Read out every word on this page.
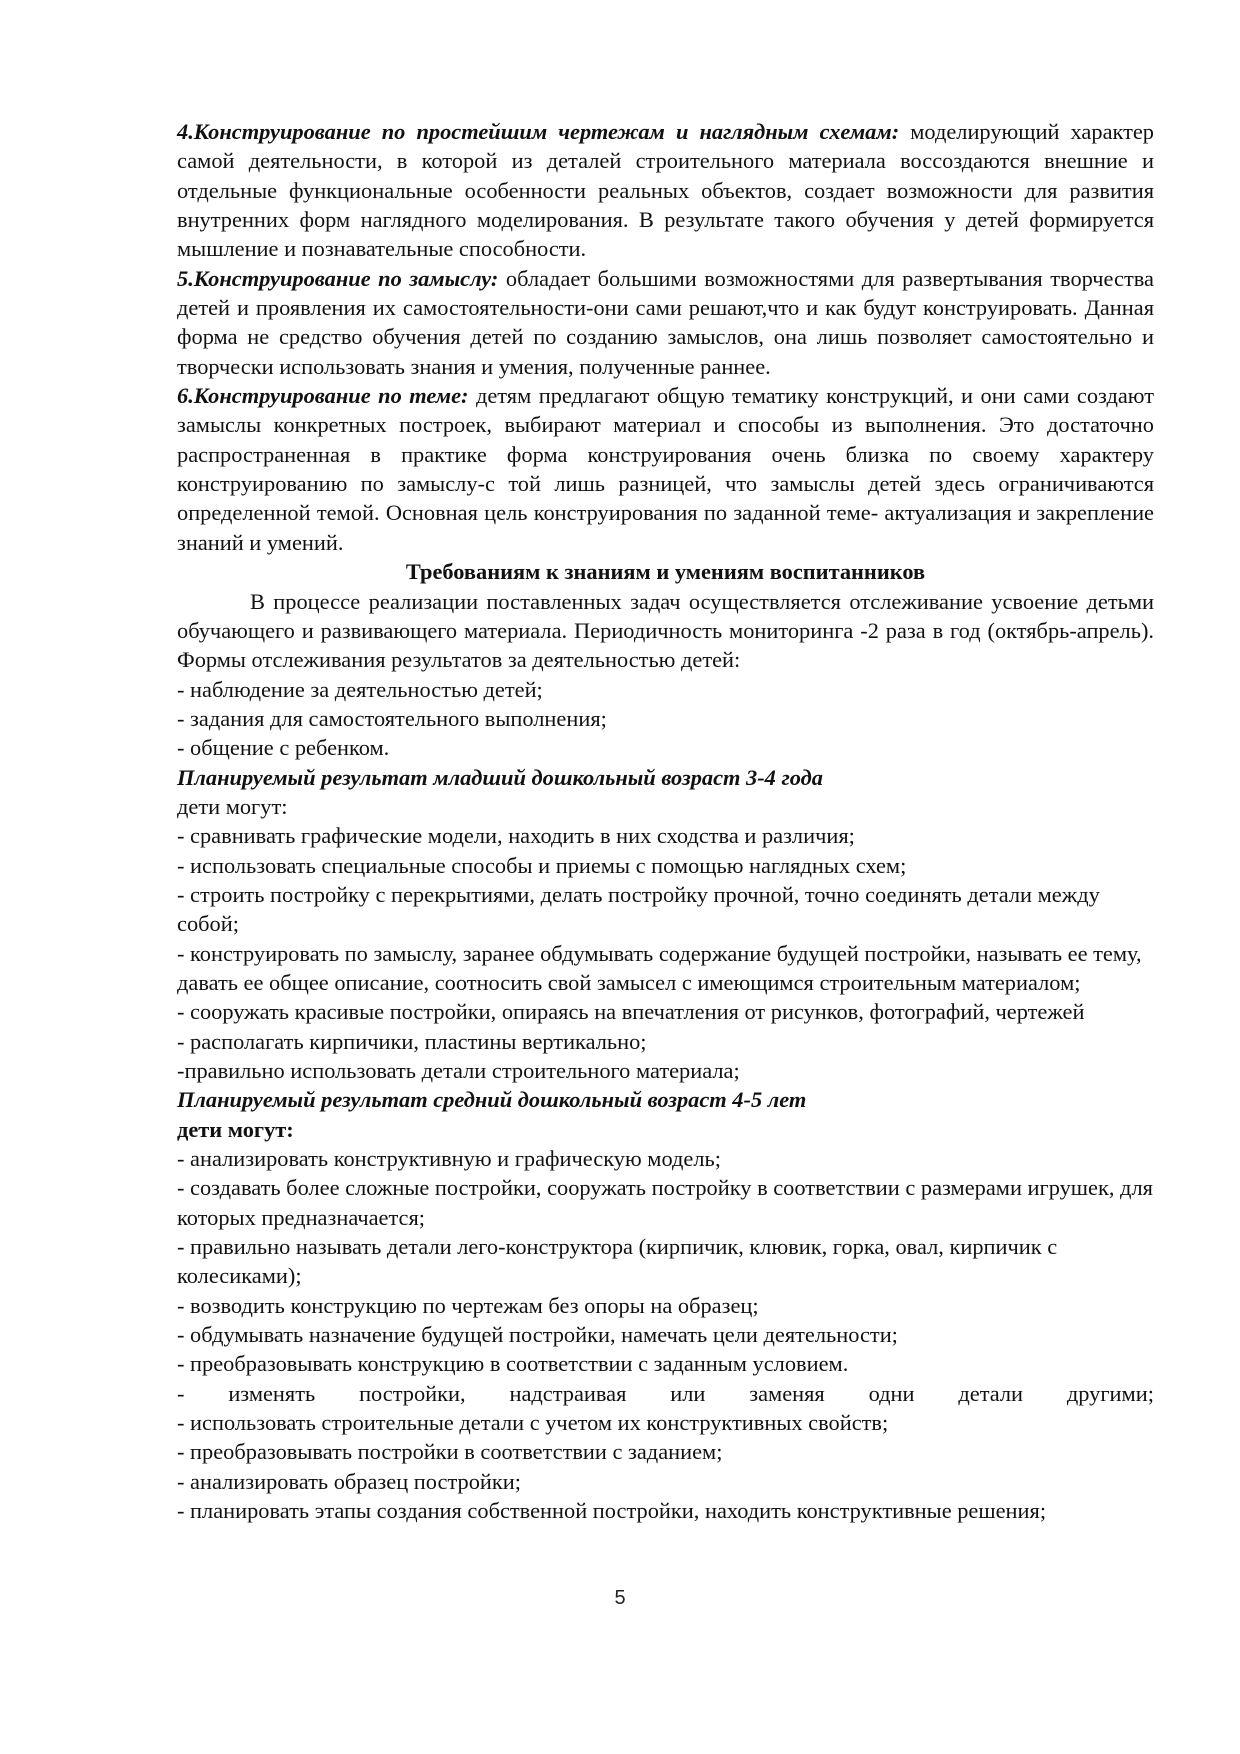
4.Конструирование по простейшим чертежам и наглядным схемам: моделирующий характер самой деятельности, в которой из деталей строительного материала воссоздаются внешние и отдельные функциональные особенности реальных объектов, создает возможности для развития внутренних форм наглядного моделирования. В результате такого обучения у детей формируется мышление и познавательные способности.

5.Конструирование по замыслу: обладает большими возможностями для развертывания творчества детей и проявления их самостоятельности-они сами решают,что и как будут конструировать. Данная форма не средство обучения детей по созданию замыслов, она лишь позволяет самостоятельно и творчески использовать знания и умения, полученные раннее.

6.Конструирование по теме: детям предлагают общую тематику конструкций, и они сами создают замыслы конкретных построек, выбирают материал и способы из выполнения. Это достаточно распространенная в практике форма конструирования очень близка по своему характеру конструированию по замыслу-с той лишь разницей, что замыслы детей здесь ограничиваются определенной темой. Основная цель конструирования по заданной теме- актуализация и закрепление знаний и умений.

Требованиям к знаниям и умениям воспитанников

В процессе реализации поставленных задач осуществляется отслеживание усвоение детьми обучающего и развивающего материала. Периодичность мониторинга -2 раза в год (октябрь-апрель). Формы отслеживания результатов за деятельностью детей:

- наблюдение за деятельностью детей;

- задания для самостоятельного выполнения;

- общение с ребенком.

Планируемый результат младший дошкольный возраст 3-4 года

дети могут:

- сравнивать графические модели, находить в них сходства и различия;

- использовать специальные способы и приемы с помощью наглядных схем;

- строить постройку с перекрытиями, делать постройку прочной, точно соединять детали между собой;

- конструировать по замыслу, заранее обдумывать содержание будущей постройки, называть ее тему, давать ее общее описание, соотносить свой замысел с имеющимся строительным материалом;

- сооружать красивые постройки, опираясь на впечатления от рисунков, фотографий, чертежей

- располагать кирпичики, пластины вертикально;

-правильно использовать детали строительного материала;

Планируемый результат средний дошкольный возраст 4-5 лет

дети могут:

- анализировать конструктивную и графическую модель;

- создавать более сложные постройки, сооружать постройку в соответствии с размерами игрушек, для которых предназначается;

- правильно называть детали лего-конструктора (кирпичик, клювик, горка, овал, кирпичик с колесиками);

- возводить конструкцию по чертежам без опоры на образец;

- обдумывать назначение будущей постройки, намечать цели деятельности;

- преобразовывать конструкцию в соответствии с заданным условием.

- изменять постройки, надстраивая или заменяя одни детали другими;

- использовать строительные детали с учетом их конструктивных свойств;

- преобразовывать постройки в соответствии с заданием;

- анализировать образец постройки;

- планировать этапы создания собственной постройки, находить конструктивные решения;

5
